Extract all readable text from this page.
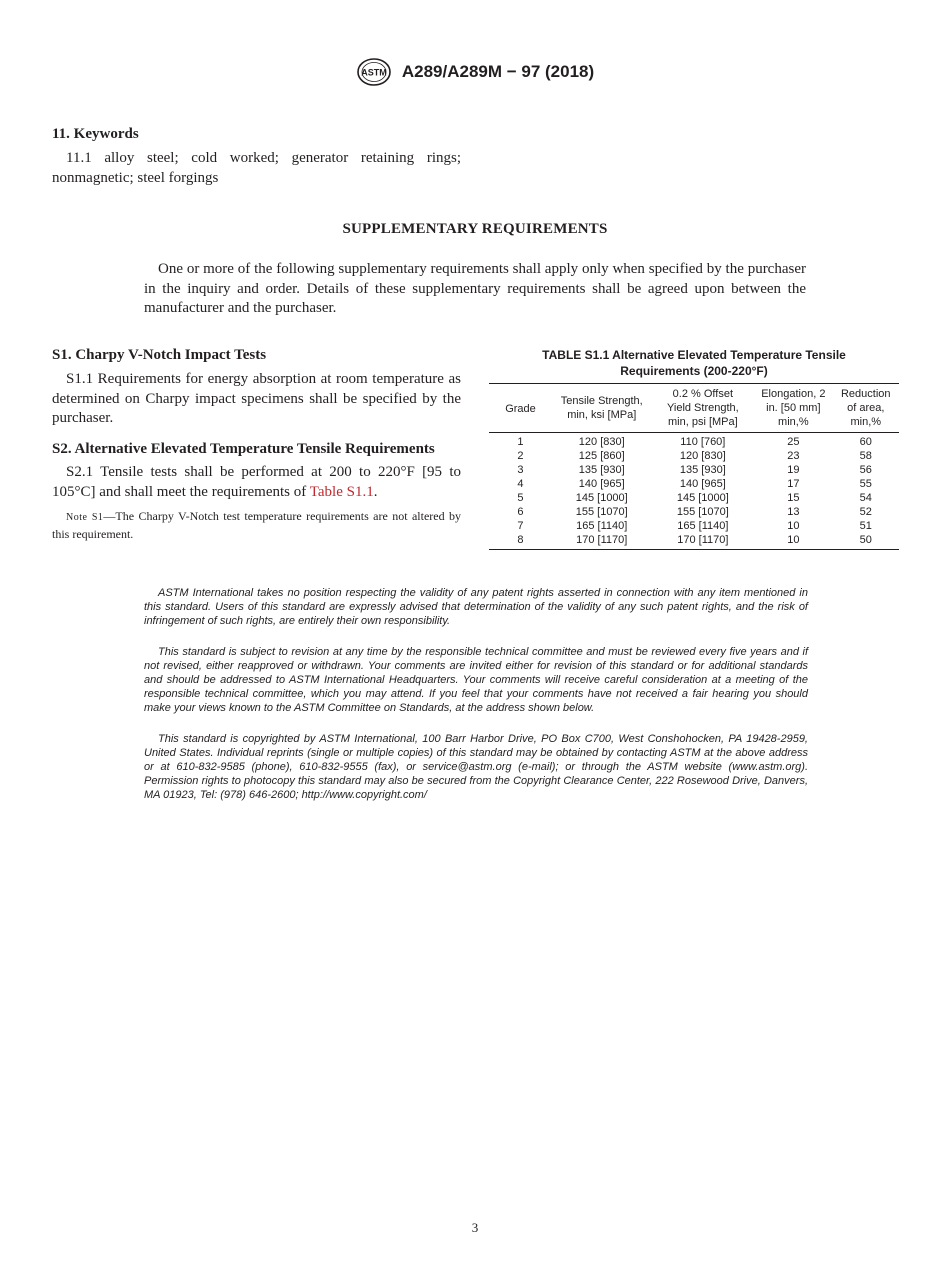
ASTM A289/A289M − 97 (2018)

11. Keywords

11.1 alloy steel; cold worked; generator retaining rings; nonmagnetic; steel forgings

SUPPLEMENTARY REQUIREMENTS

One or more of the following supplementary requirements shall apply only when specified by the purchaser in the inquiry and order. Details of these supplementary requirements shall be agreed upon between the manufacturer and the purchaser.

S1. Charpy V-Notch Impact Tests

S1.1 Requirements for energy absorption at room temperature as determined on Charpy impact specimens shall be specified by the purchaser.

S2. Alternative Elevated Temperature Tensile Requirements

S2.1 Tensile tests shall be performed at 200 to 220°F [95 to 105°C] and shall meet the requirements of Table S1.1.

Note S1—The Charpy V-Notch test temperature requirements are not altered by this requirement.

TABLE S1.1 Alternative Elevated Temperature Tensile
Requirements (200-220°F)
Grade	Tensile Strength, min, ksi [MPa]	0.2 % Offset Yield Strength, min, psi [MPa]	Elongation, 2 in. [50 mm] min,%	Reduction of area, min,%
1	120 [830]	110 [760]	25	60
2	125 [860]	120 [830]	23	58
3	135 [930]	135 [930]	19	56
4	140 [965]	140 [965]	17	55
5	145 [1000]	145 [1000]	15	54
6	155 [1070]	155 [1070]	13	52
7	165 [1140]	165 [1140]	10	51
8	170 [1170]	170 [1170]	10	50

ASTM International takes no position respecting the validity of any patent rights asserted in connection with any item mentioned in this standard. Users of this standard are expressly advised that determination of the validity of any such patent rights, and the risk of infringement of such rights, are entirely their own responsibility.

This standard is subject to revision at any time by the responsible technical committee and must be reviewed every five years and if not revised, either reapproved or withdrawn. Your comments are invited either for revision of this standard or for additional standards and should be addressed to ASTM International Headquarters. Your comments will receive careful consideration at a meeting of the responsible technical committee, which you may attend. If you feel that your comments have not received a fair hearing you should make your views known to the ASTM Committee on Standards, at the address shown below.

This standard is copyrighted by ASTM International, 100 Barr Harbor Drive, PO Box C700, West Conshohocken, PA 19428-2959, United States. Individual reprints (single or multiple copies) of this standard may be obtained by contacting ASTM at the above address or at 610-832-9585 (phone), 610-832-9555 (fax), or service@astm.org (e-mail); or through the ASTM website (www.astm.org). Permission rights to photocopy this standard may also be secured from the Copyright Clearance Center, 222 Rosewood Drive, Danvers, MA 01923, Tel: (978) 646-2600; http://www.copyright.com/

3
